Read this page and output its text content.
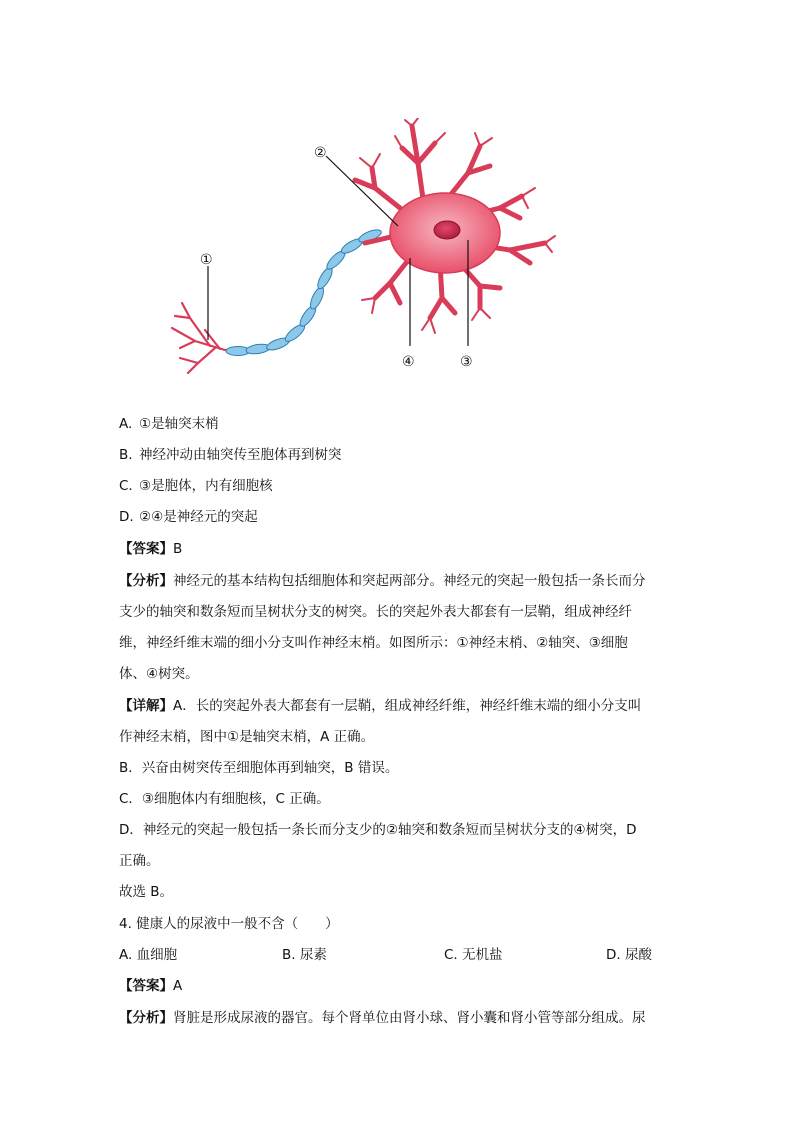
②
①
④	③
A. ①是轴突末梢
B. 神经冲动由轴突传至胞体再到树突
C. ③是胞体，内有细胞核
D. ②④是神经元的突起
【答案】B
【分析】神经元的基本结构包括细胞体和突起两部分。神经元的突起一般包括一条长而分
支少的轴突和数条短而呈树状分支的树突。长的突起外表大都套有一层鞘，组成神经纤
维，神经纤维末端的细小分支叫作神经末梢。如图所示：①神经末梢、②轴突、③细胞
体、④树突。
【详解】A．长的突起外表大都套有一层鞘，组成神经纤维，神经纤维末端的细小分支叫
作神经末梢，图中①是轴突末梢，A 正确。
B．兴奋由树突传至细胞体再到轴突，B 错误。
C．③细胞体内有细胞核，C 正确。
D．神经元的突起一般包括一条长而分支少的②轴突和数条短而呈树状分支的④树突，D
正确。
故选 B。
4. 健康人的尿液中一般不含（　　）
A. 血细胞	B. 尿素	C. 无机盐	D. 尿酸
【答案】A
【分析】肾脏是形成尿液的器官。每个肾单位由肾小球、肾小囊和肾小管等部分组成。尿
